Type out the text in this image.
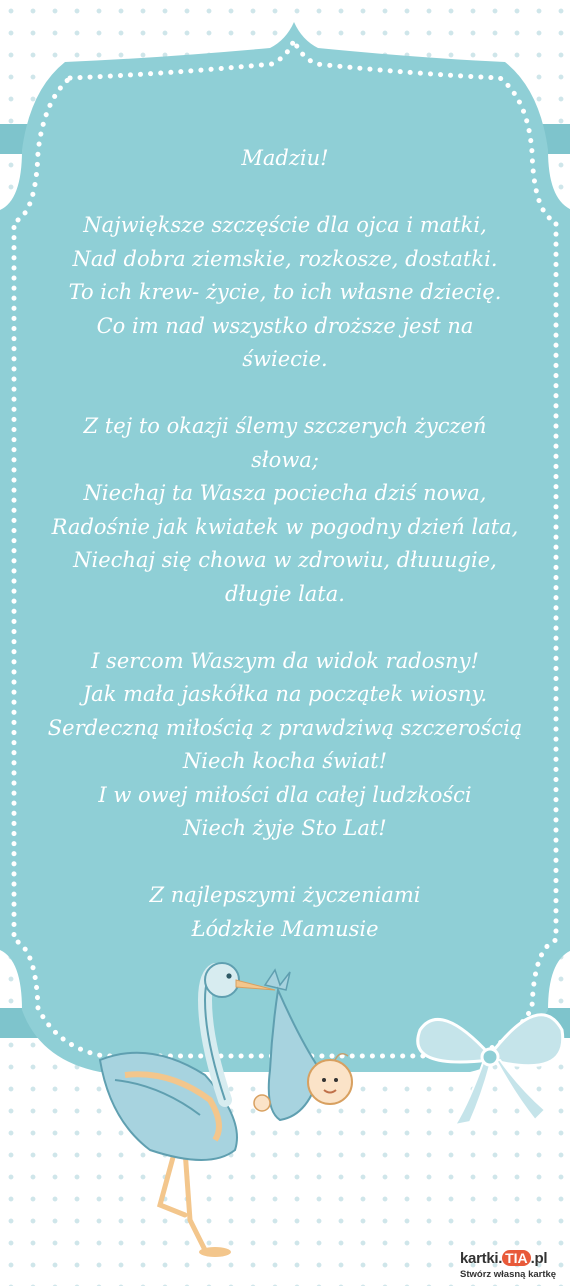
Madziu!
Największe szczęście dla ojca i matki,
Nad dobra ziemskie, rozkosze, dostatki.
To ich krew- życie, to ich własne dziecię.
Co im nad wszystko droższe jest na
świecie.
Z tej to okazji ślemy szczerych życzeń
słowa;
Niechaj ta Wasza pociecha dziś nowa,
Radośnie jak kwiatek w pogodny dzień lata,
Niechaj się chowa w zdrowiu, dłuuugie,
długie lata.
I sercom Waszym da widok radosny!
Jak mała jaskółka na początek wiosny.
Serdeczną miłością z prawdziwą szczerością
Niech kocha świat!
I w owej miłości dla całej ludzkości
Niech żyje Sto Lat!
Z najlepszymi życzeniami
Łódzkie Mamusie
kartki. TIA .pl
Stwórz własną kartkę
